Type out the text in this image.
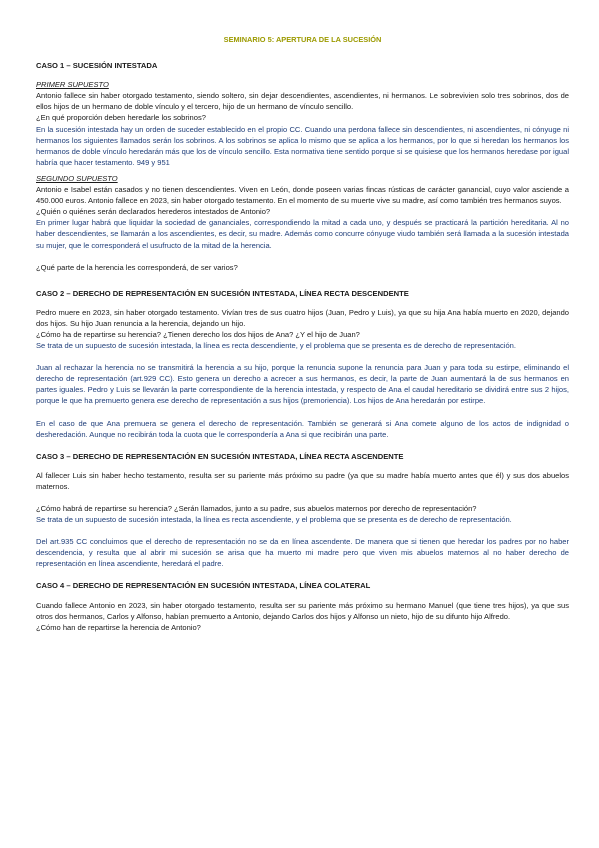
SEMINARIO 5: APERTURA DE LA SUCESIÓN

CASO 1 – SUCESIÓN INTESTADA

PRIMER SUPUESTO

Antonio fallece sin haber otorgado testamento, siendo soltero, sin dejar descendientes, ascendientes, ni hermanos. Le sobrevivien solo tres sobrinos, dos de ellos hijos de un hermano de doble vínculo y el tercero, hijo de un hermano de vínculo sencillo.

¿En qué proporción deben heredarle los sobrinos?

En la sucesión intestada hay un orden de suceder establecido en el propio CC. Cuando una perdona fallece sin descendientes, ni ascendientes, ni cónyuge ni hermanos los siguientes llamados serán los sobrinos. A los sobrinos se aplica lo mismo que se aplica a los hermanos, por lo que si heredan los hermanos los hermanos de doble vínculo heredarán más que los de vínculo sencillo. Esta normativa tiene sentido porque si se quisiese que los hermanos heredase por igual habría que hacer testamento. 949 y 951

SEGUNDO SUPUESTO

Antonio e Isabel están casados y no tienen descendientes. Viven en León, donde poseen varias fincas rústicas de carácter ganancial, cuyo valor asciende a 450.000 euros. Antonio fallece en 2023, sin haber otorgado testamento. En el momento de su muerte vive su madre, así como también tres hermanos suyos.

¿Quién o quiénes serán declarados herederos intestados de Antonio?

En primer lugar habrá que liquidar la sociedad de gananciales, correspondiendo la mitad a cada uno, y después se practicará la partición hereditaria. Al no haber descendientes, se llamarán a los ascendientes, es decir, su madre. Además como concurre cónyuge viudo también será llamada a la sucesión intestada su mujer, que le corresponderá el usufructo de la mitad de la herencia.

¿Qué parte de la herencia les corresponderá, de ser varios?

CASO 2 – DERECHO DE REPRESENTACIÓN EN SUCESIÓN INTESTADA, LÍNEA RECTA DESCENDENTE

Pedro muere en 2023, sin haber otorgado testamento. Vivían tres de sus cuatro hijos (Juan, Pedro y Luis), ya que su hija Ana había muerto en 2020, dejando dos hijos. Su hijo Juan renuncia a la herencia, dejando un hijo.

¿Cómo ha de repartirse su herencia? ¿Tienen derecho los dos hijos de Ana? ¿Y el hijo de Juan?

Se trata de un supuesto de sucesión intestada, la línea es recta descendiente, y el problema que se presenta es de derecho de representación.

Juan al rechazar la herencia no se transmitirá la herencia a su hijo, porque la renuncia supone la renuncia para Juan y para toda su estirpe, eliminando el derecho de representación (art.929 CC). Esto genera un derecho a acrecer a sus hermanos, es decir, la parte de Juan aumentará la de sus hermanos en partes iguales. Pedro y Luis se llevarán la parte correspondiente de la herencia intestada, y respecto de Ana el caudal hereditario se dividirá entre sus 2 hijos, porque le que ha premuerto genera ese derecho de representación a sus hijos (premoriencia). Los hijos de Ana heredarán por estirpe.

En el caso de que Ana premuera se genera el derecho de representación. También se generará si Ana comete alguno de los actos de indignidad o desheredación. Aunque no recibirán toda la cuota que le correspondería a Ana si que recibirán una parte.

CASO 3 – DERECHO DE REPRESENTACIÓN EN SUCESIÓN INTESTADA, LÍNEA RECTA ASCENDENTE

Al fallecer Luis sin haber hecho testamento, resulta ser su pariente más próximo su padre (ya que su madre había muerto antes que él) y sus dos abuelos maternos.

¿Cómo habrá de repartirse su herencia? ¿Serán llamados, junto a su padre, sus abuelos maternos por derecho de representación?

Se trata de un supuesto de sucesión intestada, la línea es recta ascendiente, y el problema que se presenta es de derecho de representación.

Del art.935 CC concluimos que el derecho de representación no se da en línea ascendente. De manera que si tienen que heredar los padres por no haber descendencia, y resulta que al abrir mi sucesión se arisa que ha muerto mi madre pero que viven mis abuelos maternos al no haber derecho de representación en línea ascendiente, heredará el padre.

CASO 4 – DERECHO DE REPRESENTACIÓN EN SUCESIÓN INTESTADA, LÍNEA COLATERAL

Cuando fallece Antonio en 2023, sin haber otorgado testamento, resulta ser su pariente más próximo su hermano Manuel (que tiene tres hijos), ya que sus otros dos hermanos, Carlos y Alfonso, habían premuerto a Antonio, dejando Carlos dos hijos y Alfonso un nieto, hijo de su difunto hijo Alfredo.

¿Cómo han de repartirse la herencia de Antonio?
